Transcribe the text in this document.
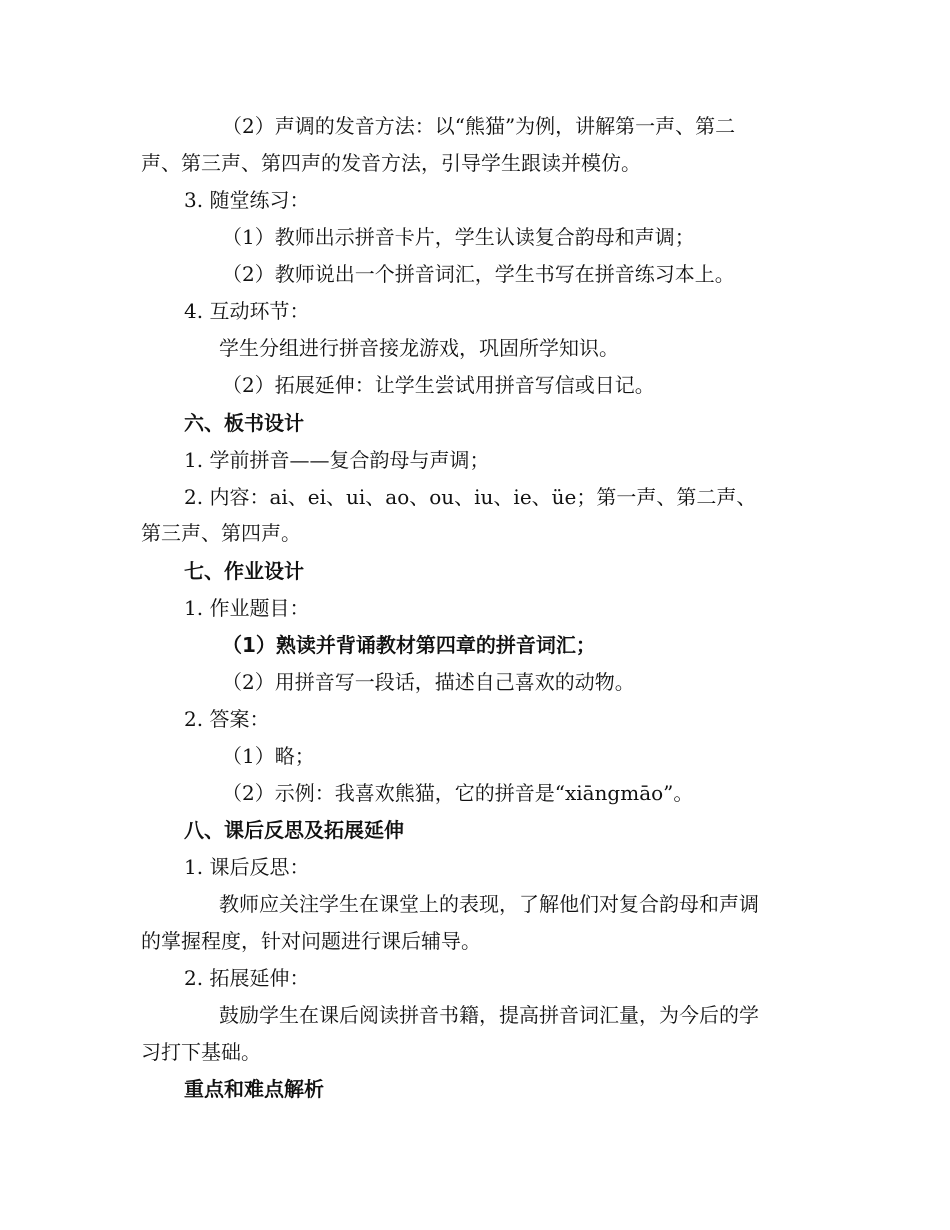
（2）声调的发音方法：以“熊猫”为例，讲解第一声、第二
声、第三声、第四声的发音方法，引导学生跟读并模仿。
3. 随堂练习：
（1）教师出示拼音卡片，学生认读复合韵母和声调；
（2）教师说出一个拼音词汇，学生书写在拼音练习本上。
4. 互动环节：
学生分组进行拼音接龙游戏，巩固所学知识。
（2）拓展延伸：让学生尝试用拼音写信或日记。
六、板书设计
1. 学前拼音——复合韵母与声调；
2. 内容：ai、ei、ui、ao、ou、iu、ie、üe；第一声、第二声、
第三声、第四声。
七、作业设计
1. 作业题目：
（1）熟读并背诵教材第四章的拼音词汇；
（2）用拼音写一段话，描述自己喜欢的动物。
2. 答案：
（1）略；
（2）示例：我喜欢熊猫，它的拼音是“xiāngmāo”。
八、课后反思及拓展延伸
1. 课后反思：
教师应关注学生在课堂上的表现，了解他们对复合韵母和声调
的掌握程度，针对问题进行课后辅导。
2. 拓展延伸：
鼓励学生在课后阅读拼音书籍，提高拼音词汇量，为今后的学
习打下基础。
重点和难点解析
